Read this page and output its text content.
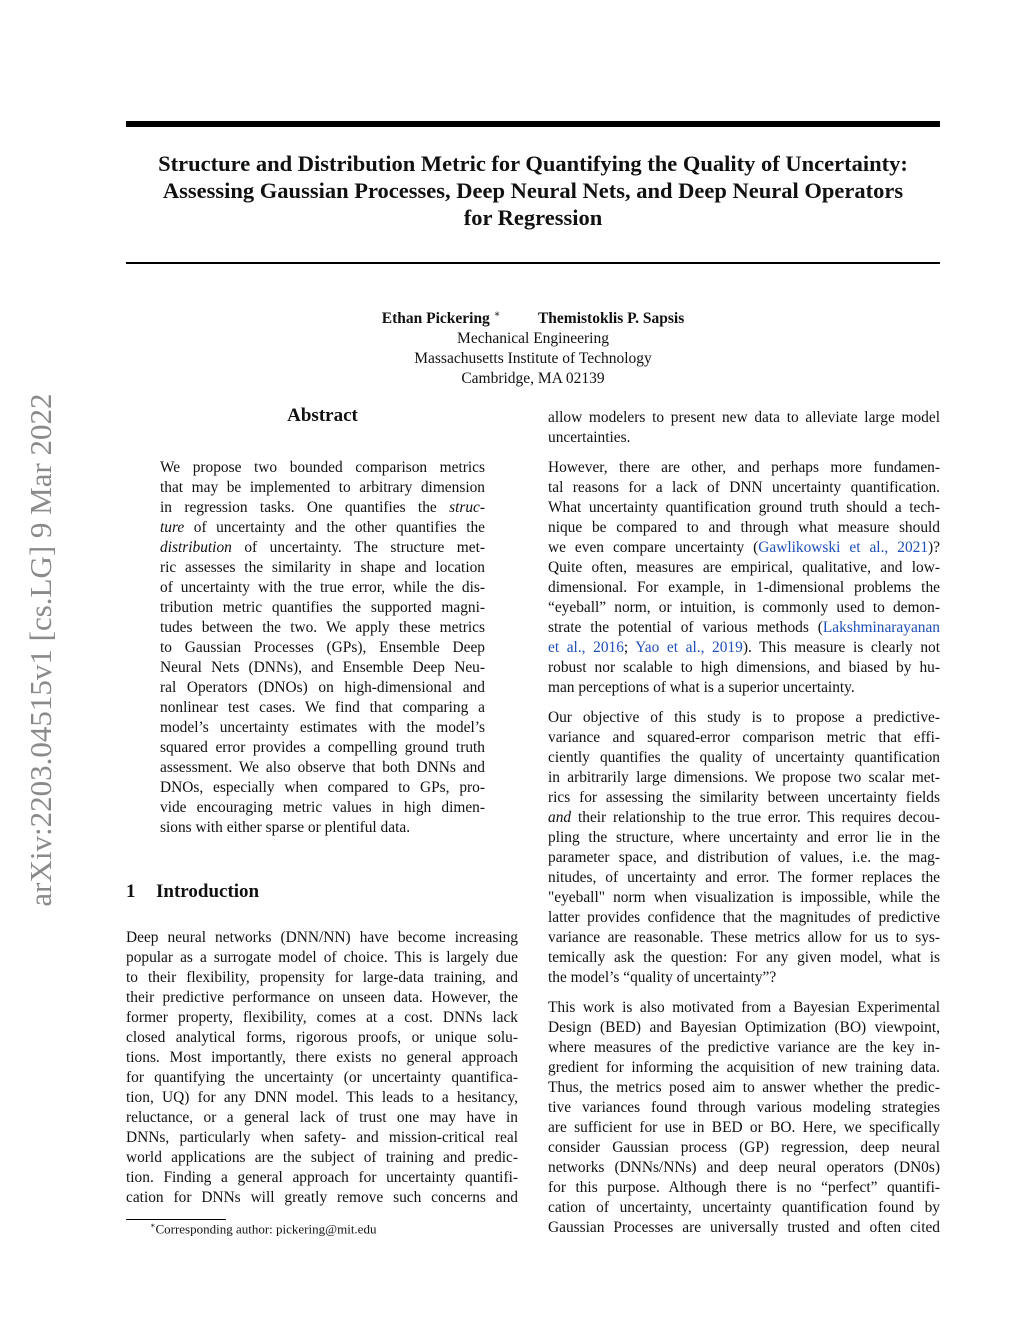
arXiv:2203.04515v1 [cs.LG] 9 Mar 2022
Structure and Distribution Metric for Quantifying the Quality of Uncertainty:
Assessing Gaussian Processes, Deep Neural Nets, and Deep Neural Operators
for Regression
Ethan Pickering ∗ Themistoklis P. Sapsis
Mechanical Engineering
Massachusetts Institute of Technology
Cambridge, MA 02139
Abstract
We propose two bounded comparison metrics
that may be implemented to arbitrary dimension
in regression tasks. One quantifies the struc-
ture of uncertainty and the other quantifies the
distribution of uncertainty. The structure met-
ric assesses the similarity in shape and location
of uncertainty with the true error, while the dis-
tribution metric quantifies the supported magni-
tudes between the two. We apply these metrics
to Gaussian Processes (GPs), Ensemble Deep
Neural Nets (DNNs), and Ensemble Deep Neu-
ral Operators (DNOs) on high-dimensional and
nonlinear test cases. We find that comparing a
model’s uncertainty estimates with the model’s
squared error provides a compelling ground truth
assessment. We also observe that both DNNs and
DNOs, especially when compared to GPs, pro-
vide encouraging metric values in high dimen-
sions with either sparse or plentiful data.
1 Introduction
Deep neural networks (DNN/NN) have become increasing
popular as a surrogate model of choice. This is largely due
to their flexibility, propensity for large-data training, and
their predictive performance on unseen data. However, the
former property, flexibility, comes at a cost. DNNs lack
closed analytical forms, rigorous proofs, or unique solu-
tions. Most importantly, there exists no general approach
for quantifying the uncertainty (or uncertainty quantifica-
tion, UQ) for any DNN model. This leads to a hesitancy,
reluctance, or a general lack of trust one may have in
DNNs, particularly when safety- and mission-critical real
world applications are the subject of training and predic-
tion. Finding a general approach for uncertainty quantifi-
cation for DNNs will greatly remove such concerns and
allow modelers to present new data to alleviate large model
uncertainties.
However, there are other, and perhaps more fundamen-
tal reasons for a lack of DNN uncertainty quantification.
What uncertainty quantification ground truth should a tech-
nique be compared to and through what measure should
we even compare uncertainty (Gawlikowski et al., 2021)?
Quite often, measures are empirical, qualitative, and low-
dimensional. For example, in 1-dimensional problems the
“eyeball” norm, or intuition, is commonly used to demon-
strate the potential of various methods (Lakshminarayanan
et al., 2016; Yao et al., 2019). This measure is clearly not
robust nor scalable to high dimensions, and biased by hu-
man perceptions of what is a superior uncertainty.
Our objective of this study is to propose a predictive-
variance and squared-error comparison metric that effi-
ciently quantifies the quality of uncertainty quantification
in arbitrarily large dimensions. We propose two scalar met-
rics for assessing the similarity between uncertainty fields
and their relationship to the true error. This requires decou-
pling the structure, where uncertainty and error lie in the
parameter space, and distribution of values, i.e. the mag-
nitudes, of uncertainty and error. The former replaces the
"eyeball" norm when visualization is impossible, while the
latter provides confidence that the magnitudes of predictive
variance are reasonable. These metrics allow for us to sys-
temically ask the question: For any given model, what is
the model’s “quality of uncertainty”?
This work is also motivated from a Bayesian Experimental
Design (BED) and Bayesian Optimization (BO) viewpoint,
where measures of the predictive variance are the key in-
gredient for informing the acquisition of new training data.
Thus, the metrics posed aim to answer whether the predic-
tive variances found through various modeling strategies
are sufficient for use in BED or BO. Here, we specifically
consider Gaussian process (GP) regression, deep neural
networks (DNNs/NNs) and deep neural operators (DN0s)
for this purpose. Although there is no “perfect” quantifi-
cation of uncertainty, uncertainty quantification found by
Gaussian Processes are universally trusted and often cited
∗Corresponding author: pickering@mit.edu
